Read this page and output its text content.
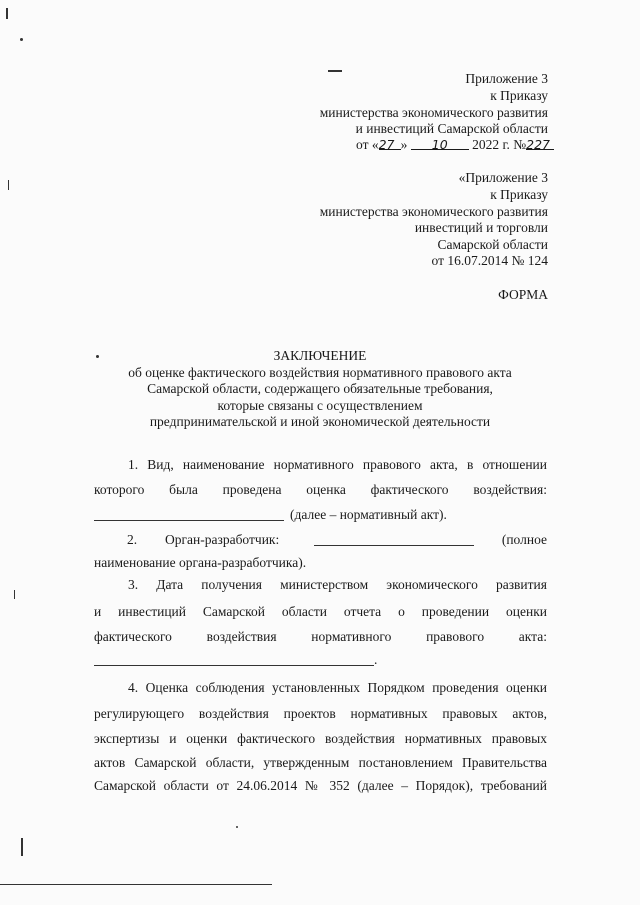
Приложение 3
к Приказу
министерства экономического развития
и инвестиций Самарской области
от «27 » 10 2022 г. №227
«Приложение 3
к Приказу
министерства экономического развития
инвестиций и торговли
Самарской области
от 16.07.2014 № 124
ФОРМА
ЗАКЛЮЧЕНИЕ
об оценке фактического воздействия нормативного правового акта
Самарской области, содержащего обязательные требования,
которые связаны с осуществлением
предпринимательской и иной экономической деятельности
1. Вид, наименование нормативного правового акта, в отношении
которого была проведена оценка фактического воздействия:
(далее – нормативный акт).
2. Орган-разработчик:	(полное
наименование органа-разработчика).
3. Дата получения министерством экономического развития
и инвестиций Самарской области отчета о проведении оценки
фактического воздействия нормативного правового акта:
.
4. Оценка соблюдения установленных Порядком проведения оценки
регулирующего воздействия проектов нормативных правовых актов,
экспертизы и оценки фактического воздействия нормативных правовых
актов Самарской области, утвержденным постановлением Правительства
Самарской области от 24.06.2014 № 352 (далее – Порядок), требований
